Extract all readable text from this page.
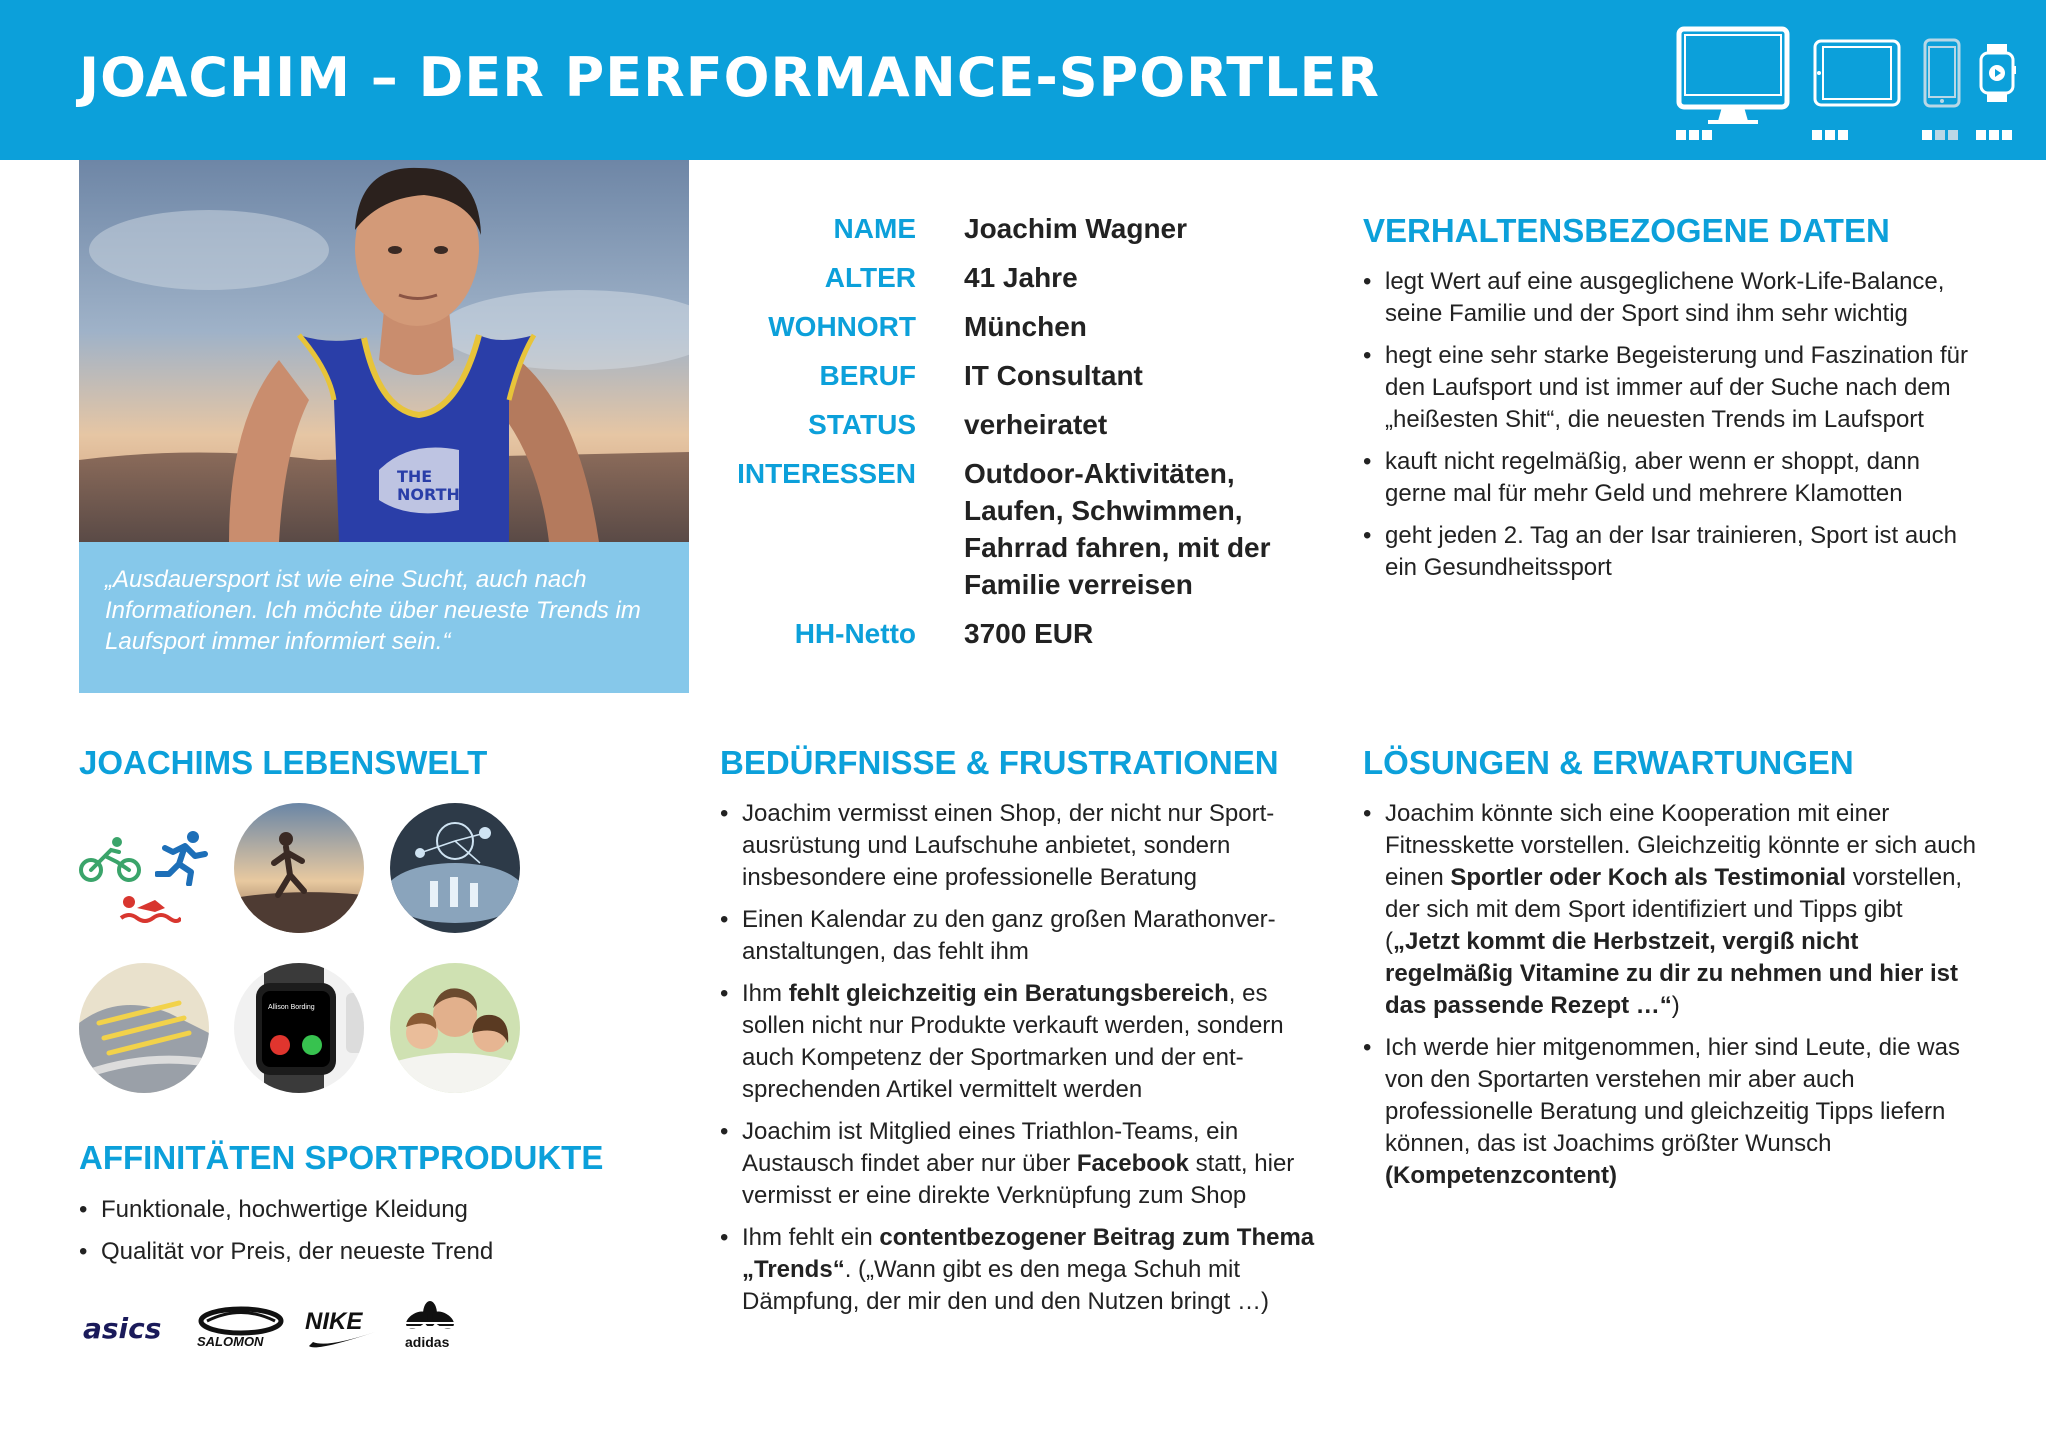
JOACHIM – DER PERFORMANCE-SPORTLER
THE
NORTH
„Ausdauersport ist wie eine Sucht, auch nach Informationen. Ich möchte über neueste Trends im Laufsport immer informiert sein.“
NAME Joachim Wagner
ALTER 41 Jahre
WOHNORT München
BERUF IT Consultant
STATUS verheiratet
INTERESSEN Outdoor-Aktivitäten, Laufen, Schwimmen, Fahrrad fahren, mit der Familie verreisen
HH-Netto 3700 EUR
VERHALTENSBEZOGENE DATEN
• legt Wert auf eine ausgeglichene Work-Life-Balance, seine Familie und der Sport sind ihm sehr wichtig
• hegt eine sehr starke Begeisterung und Faszination für den Laufsport und ist immer auf der Suche nach dem „heißesten Shit“, die neuesten Trends im Laufsport
• kauft nicht regelmäßig, aber wenn er shoppt, dann gerne mal für mehr Geld und mehrere Klamotten
• geht jeden 2. Tag an der Isar trainieren, Sport ist auch ein Gesundheitssport
JOACHIMS LEBENSWELT
Allison Bording
AFFINITÄTEN SPORTPRODUKTE
• Funktionale, hochwertige Kleidung
• Qualität vor Preis, der neueste Trend
asics	SALOMON
NIKE
adidas
BEDÜRFNISSE & FRUSTRATIONEN
• Joachim vermisst einen Shop, der nicht nur Sportausrüstung und Laufschuhe anbietet, sondern insbesondere eine professionelle Beratung
• Einen Kalendar zu den ganz großen Marathonveranstaltungen, das fehlt ihm
• Ihm fehlt gleichzeitig ein Beratungsbereich, es sollen nicht nur Produkte verkauft werden, sondern auch Kompetenz der Sportmarken und der entsprechenden Artikel vermittelt werden
• Joachim ist Mitglied eines Triathlon-Teams, ein Austausch findet aber nur über Facebook statt, hier vermisst er eine direkte Verknüpfung zum Shop
• Ihm fehlt ein contentbezogener Beitrag zum Thema „Trends“. („Wann gibt es den mega Schuh mit Dämpfung, der mir den und den Nutzen bringt …)
LÖSUNGEN & ERWARTUNGEN
• Joachim könnte sich eine Kooperation mit einer Fitnesskette vorstellen. Gleichzeitig könnte er sich auch einen Sportler oder Koch als Testimonial vorstellen, der sich mit dem Sport identifiziert und Tipps gibt („Jetzt kommt die Herbstzeit, vergiß nicht regelmäßig Vitamine zu dir zu nehmen und hier ist das passende Rezept …“)
• Ich werde hier mitgenommen, hier sind Leute, die was von den Sportarten verstehen mir aber auch professionelle Beratung und gleichzeitig Tipps liefern können, das ist Joachims größter Wunsch (Kompetenzcontent)
